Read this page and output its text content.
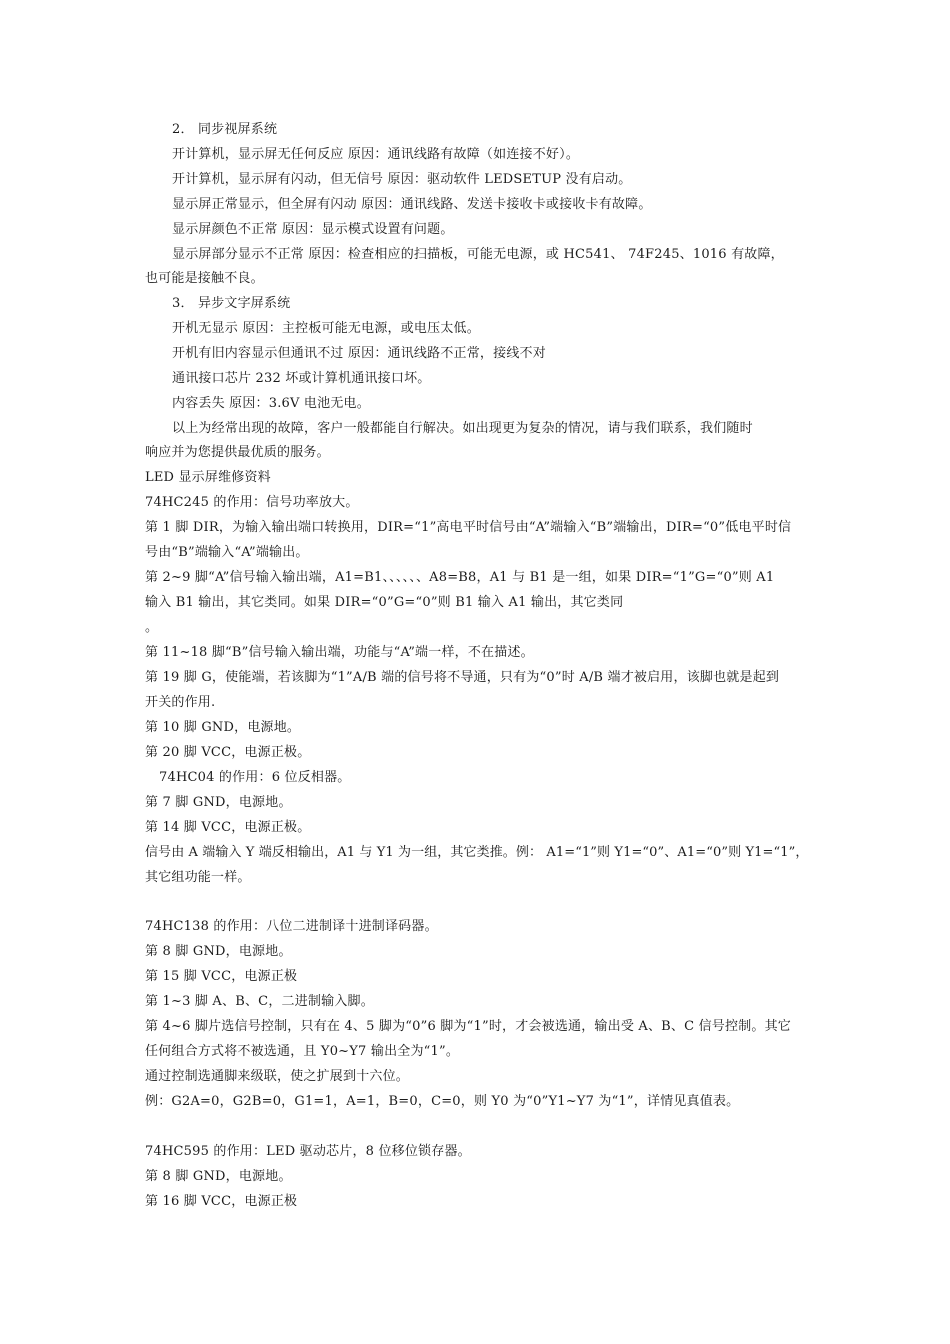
2． 同步视屏系统
开计算机，显示屏无任何反应 原因：通讯线路有故障（如连接不好）。
开计算机，显示屏有闪动，但无信号 原因：驱动软件 LEDSETUP 没有启动。
显示屏正常显示，但全屏有闪动 原因：通讯线路、发送卡接收卡或接收卡有故障。
显示屏颜色不正常 原因：显示模式设置有问题。
显示屏部分显示不正常 原因：检查相应的扫描板，可能无电源，或 HC541、 74F245、1016 有故障，
也可能是接触不良。
3． 异步文字屏系统
开机无显示 原因：主控板可能无电源，或电压太低。
开机有旧内容显示但通讯不过 原因：通讯线路不正常，接线不对
通讯接口芯片 232 坏或计算机通讯接口坏。
内容丢失 原因：3.6V 电池无电。
以上为经常出现的故障，客户一般都能自行解决。如出现更为复杂的情况，请与我们联系，我们随时
响应并为您提供最优质的服务。
LED 显示屏维修资料
74HC245 的作用：信号功率放大。
第 1 脚 DIR，为输入输出端口转换用，DIR=“1”高电平时信号由“A”端输入“B”端输出，DIR=“0”低电平时信
号由“B”端输入“A”端输出。
第 2~9 脚“A”信号输入输出端，A1=B1、、、、、、A8=B8，A1 与 B1 是一组，如果 DIR=“1”G=“0”则 A1
输入 B1 输出，其它类同。如果 DIR=“0”G=“0”则 B1 输入 A1 输出，其它类同
。
第 11~18 脚“B”信号输入输出端，功能与“A”端一样，不在描述。
第 19 脚 G，使能端，若该脚为“1”A/B 端的信号将不导通，只有为“0”时 A/B 端才被启用，该脚也就是起到
开关的作用.
第 10 脚 GND，电源地。
第 20 脚 VCC，电源正极。
74HC04 的作用：6 位反相器。
第 7 脚 GND，电源地。
第 14 脚 VCC，电源正极。
信号由 A 端输入 Y 端反相输出，A1 与 Y1 为一组，其它类推。例： A1=“1”则 Y1=“0”、A1=“0”则 Y1=“1”，
其它组功能一样。
74HC138 的作用：八位二进制译十进制译码器。
第 8 脚 GND，电源地。
第 15 脚 VCC，电源正极
第 1~3 脚 A、B、C，二进制输入脚。
第 4~6 脚片选信号控制，只有在 4、5 脚为“0”6 脚为“1”时，才会被选通，输出受 A、B、C 信号控制。其它
任何组合方式将不被选通，且 Y0~Y7 输出全为“1”。
通过控制选通脚来级联，使之扩展到十六位。
例：G2A=0，G2B=0，G1=1，A=1，B=0，C=0，则 Y0 为“0”Y1~Y7 为“1”，详情见真值表。
74HC595 的作用：LED 驱动芯片，8 位移位锁存器。
第 8 脚 GND，电源地。
第 16 脚 VCC，电源正极
